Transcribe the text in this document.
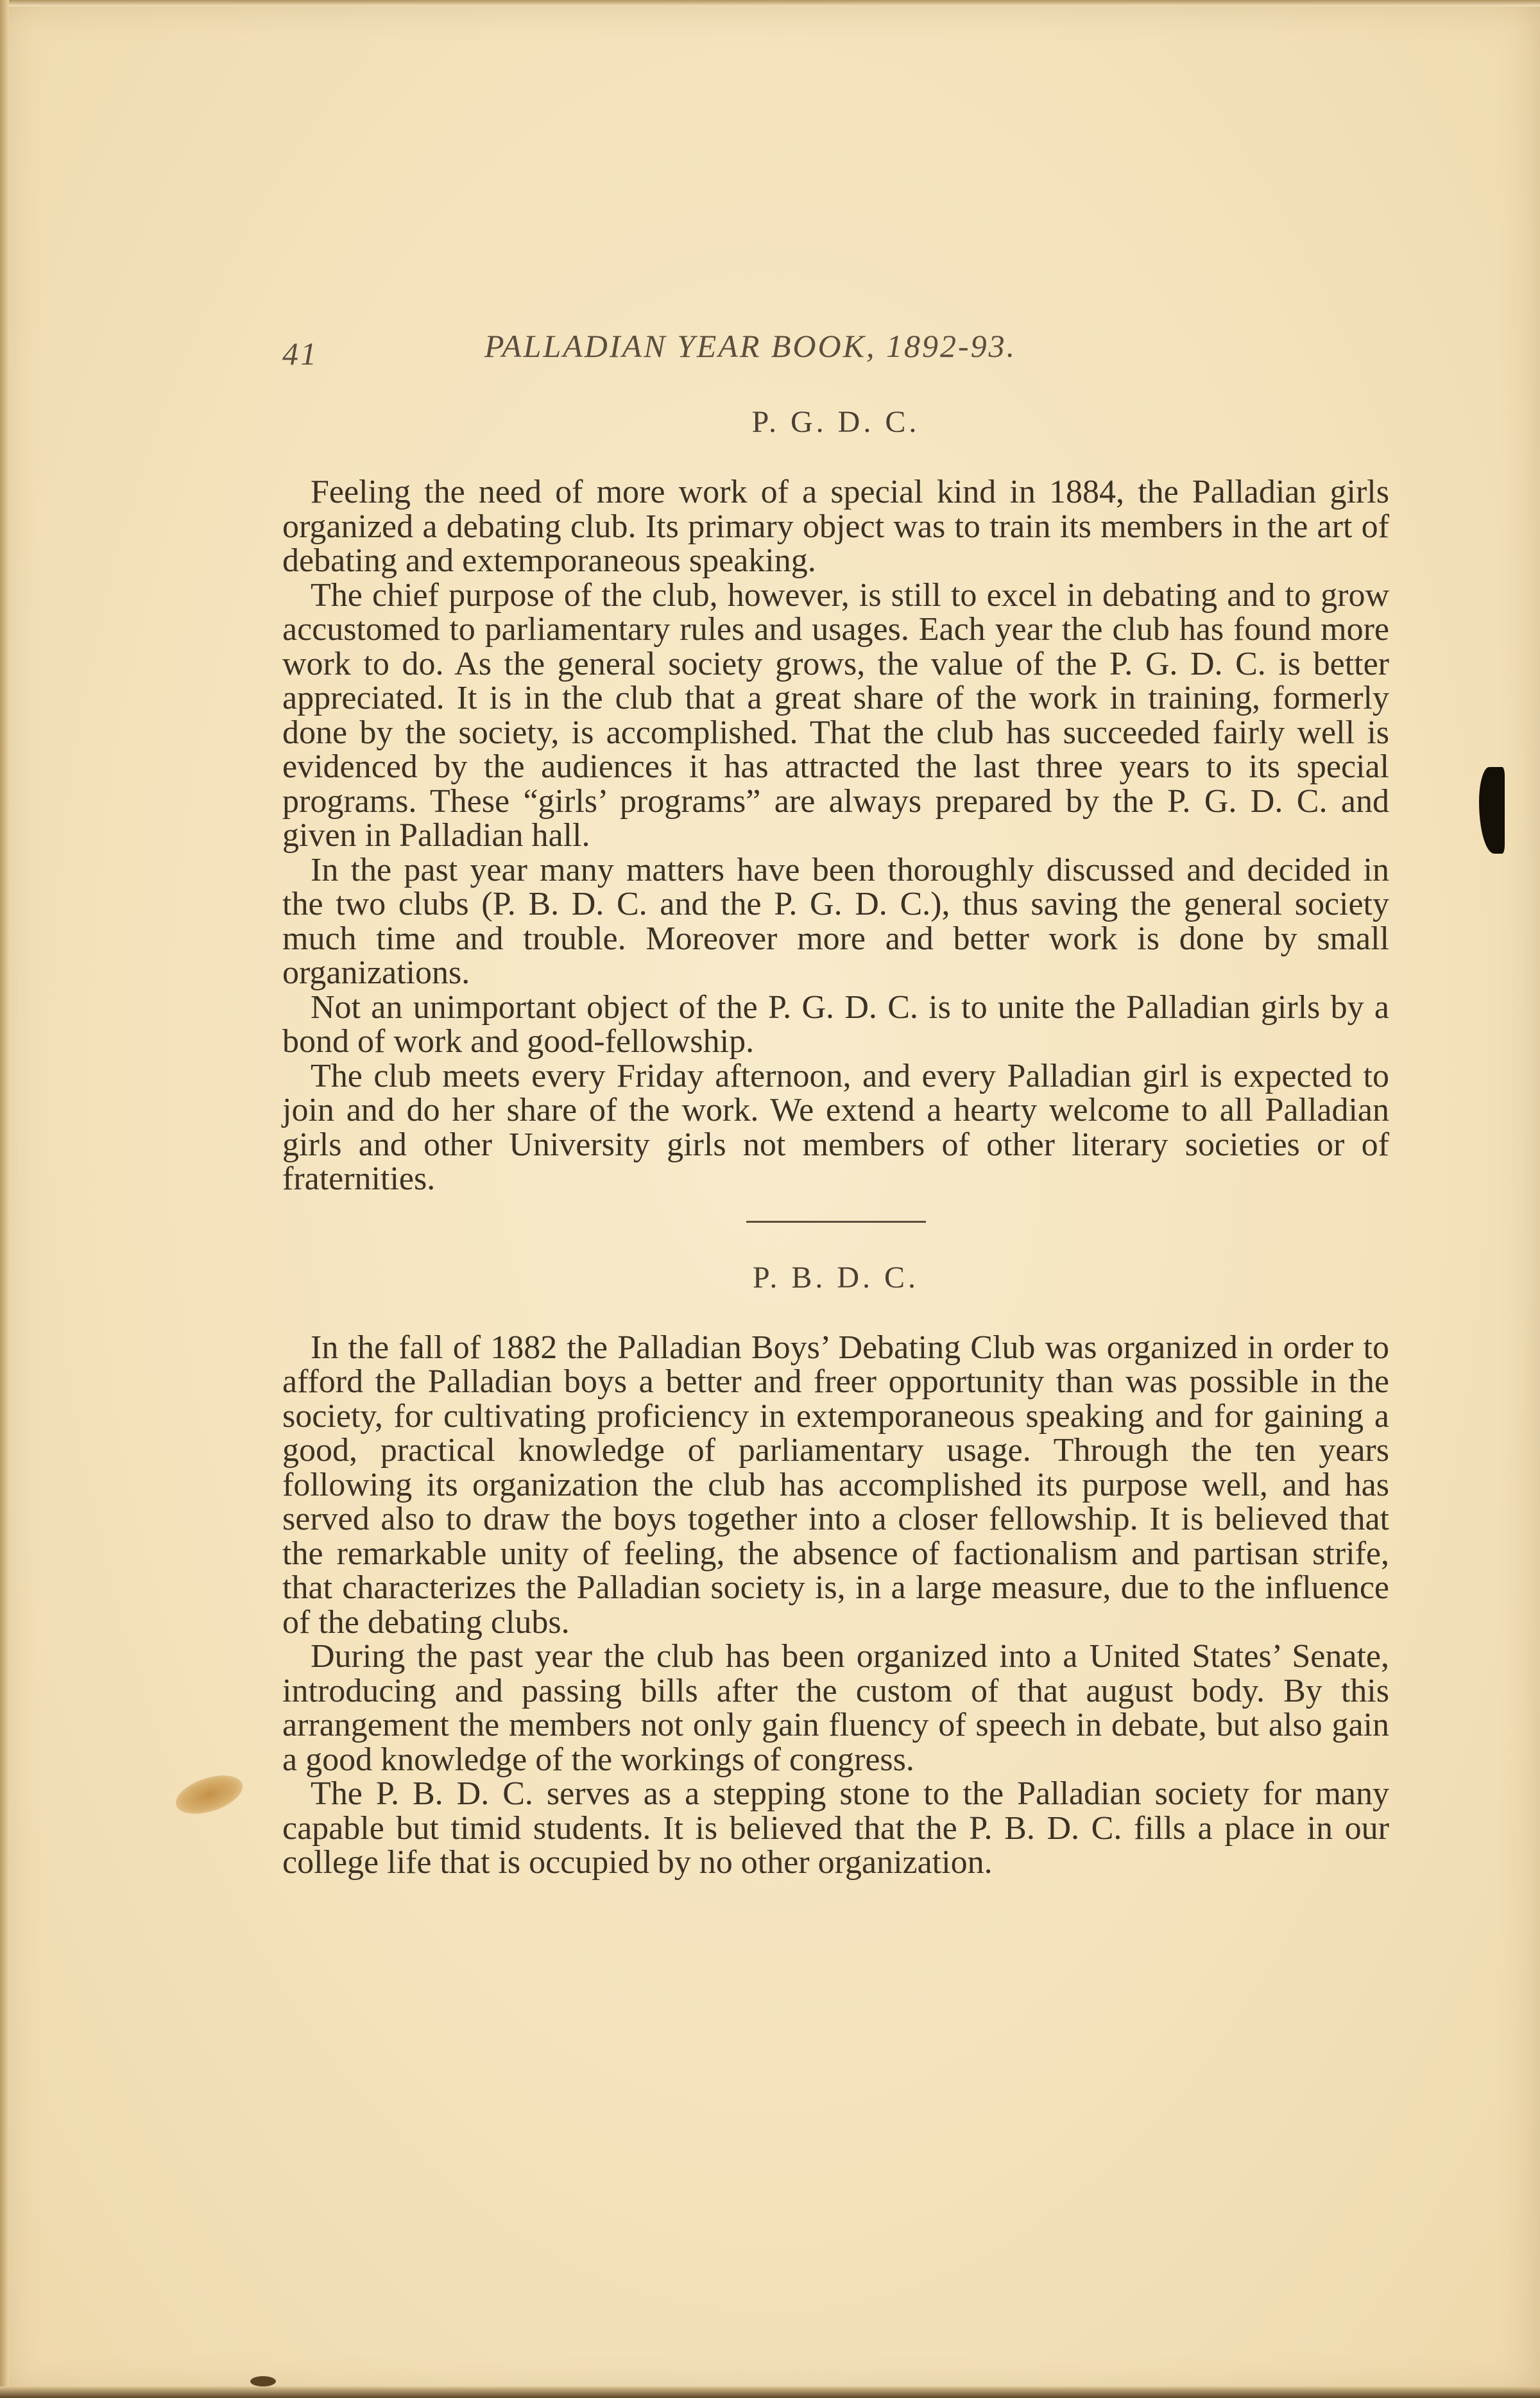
41	PALLADIAN YEAR BOOK, 1892-93.
P. G. D. C.

Feeling the need of more work of a special kind in 1884, the Palladian girls organized a debating club. Its primary object was to train its members in the art of debating and extemporaneous speaking.

The chief purpose of the club, however, is still to excel in debating and to grow accustomed to parliamentary rules and usages. Each year the club has found more work to do. As the general society grows, the value of the P. G. D. C. is better appreciated. It is in the club that a great share of the work in training, formerly done by the society, is accomplished. That the club has succeeded fairly well is evidenced by the audiences it has attracted the last three years to its special programs. These “girls’ programs” are always prepared by the P. G. D. C. and given in Palladian hall.

In the past year many matters have been thoroughly discussed and decided in the two clubs (P. B. D. C. and the P. G. D. C.), thus saving the general society much time and trouble. Moreover more and better work is done by small organizations.

Not an unimportant object of the P. G. D. C. is to unite the Palladian girls by a bond of work and good-fellowship.

The club meets every Friday afternoon, and every Palladian girl is expected to join and do her share of the work. We extend a hearty welcome to all Palladian girls and other University girls not members of other literary societies or of fraternities.

P. B. D. C.

In the fall of 1882 the Palladian Boys’ Debating Club was organized in order to afford the Palladian boys a better and freer opportunity than was possible in the society, for cultivating proficiency in extemporaneous speaking and for gaining a good, practical knowledge of parliamentary usage. Through the ten years following its organization the club has accomplished its purpose well, and has served also to draw the boys together into a closer fellowship. It is believed that the remarkable unity of feeling, the absence of factionalism and partisan strife, that characterizes the Palladian society is, in a large measure, due to the influence of the debating clubs.

During the past year the club has been organized into a United States’ Senate, introducing and passing bills after the custom of that august body. By this arrangement the members not only gain fluency of speech in debate, but also gain a good knowledge of the workings of congress.

The P. B. D. C. serves as a stepping stone to the Palladian society for many capable but timid students. It is believed that the P. B. D. C. fills a place in our college life that is occupied by no other organization.
